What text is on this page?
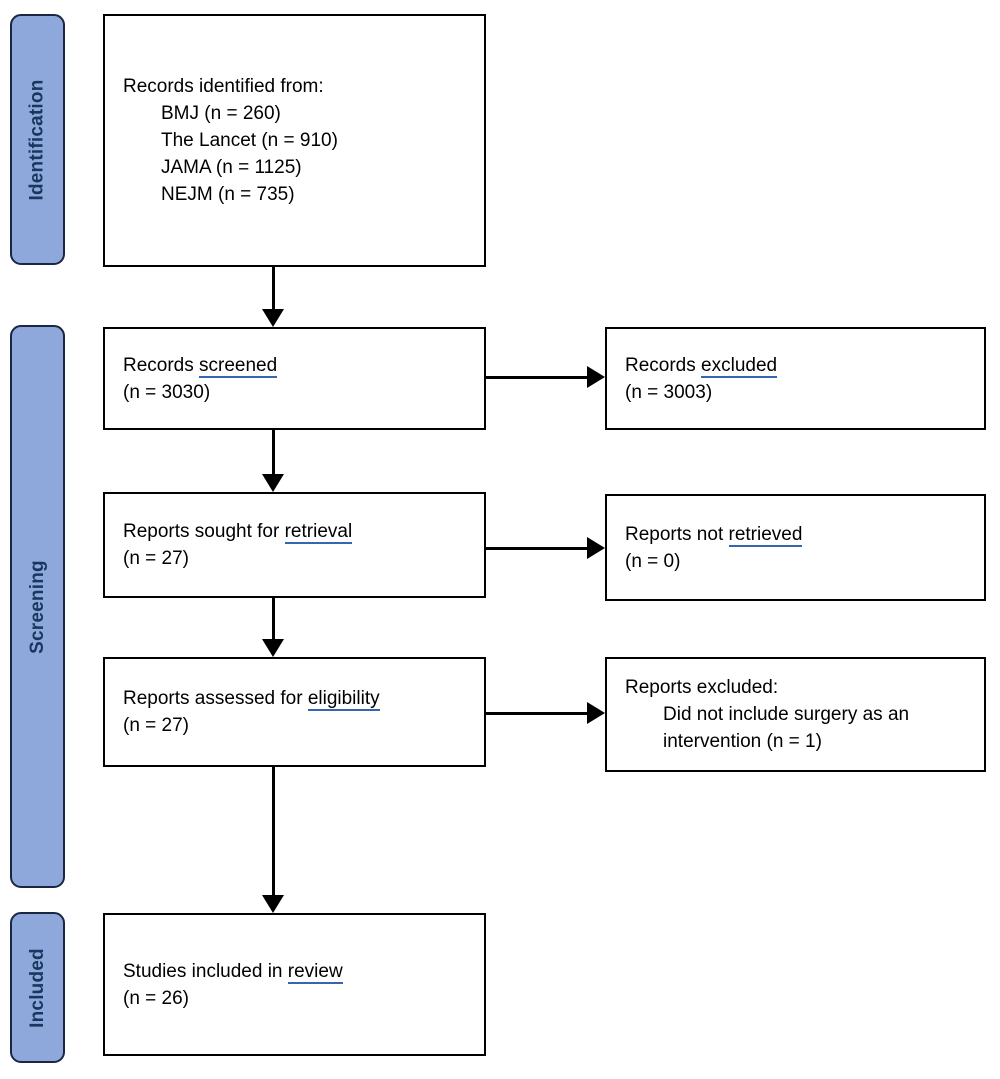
Identification
Screening
Included
Records identified from:
BMJ (n = 260)
The Lancet (n = 910)
JAMA (n = 1125)
NEJM (n = 735)
Records screened
(n = 3030)
Records excluded
(n = 3003)
Reports sought for retrieval
(n = 27)
Reports not retrieved
(n = 0)
Reports assessed for eligibility
(n = 27)
Reports excluded:
Did not include surgery as an intervention (n = 1)
Studies included in review
(n = 26)
